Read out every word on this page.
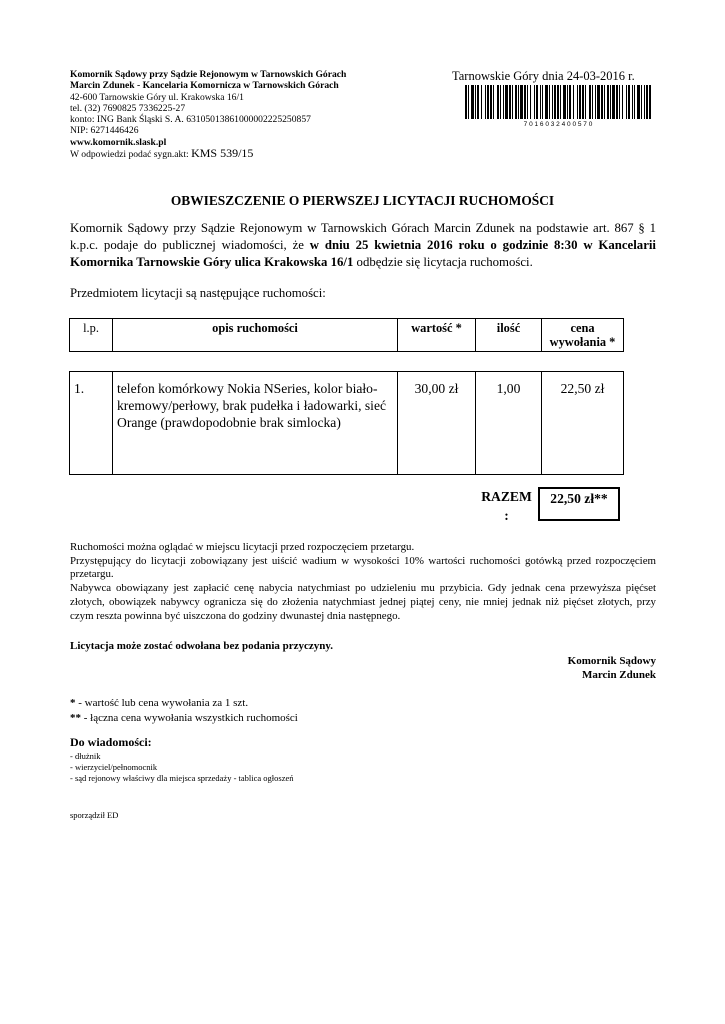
Komornik Sądowy przy Sądzie Rejonowym w Tarnowskich Górach
Marcin Zdunek - Kancelaria Komornicza w Tarnowskich Górach
42-600 Tarnowskie Góry ul. Krakowska 16/1
tel. (32) 7690825 7336225-27
konto: ING Bank Śląski S. A. 63105013861000002225250857
NIP: 6271446426
www.komornik.slask.pl
W odpowiedzi podać sygn.akt: KMS 539/15
Tarnowskie Góry dnia 24-03-2016 r.
7 0 1 6 0 3 2 4 0 0 5 7 0
OBWIESZCZENIE O PIERWSZEJ LICYTACJI RUCHOMOŚCI
Komornik Sądowy przy Sądzie Rejonowym w Tarnowskich Górach Marcin Zdunek na podstawie art. 867 § 1 k.p.c. podaje do publicznej wiadomości, że w dniu 25 kwietnia 2016 roku o godzinie 8:30 w Kancelarii Komornika Tarnowskie Góry ulica Krakowska 16/1 odbędzie się licytacja ruchomości.
Przedmiotem licytacji są następujące ruchomości:
l.p.	opis ruchomości	wartość *	ilość	cena wywołania *

1.	telefon komórkowy Nokia NSeries, kolor biało- kremowy/perłowy, brak pudełka i ładowarki, sieć Orange (prawdopodobnie brak simlocka)	30,00 zł	1,00	22,50 zł
RAZEM :
22,50 zł**

Ruchomości można oglądać w miejscu licytacji przed rozpoczęciem przetargu.

Przystępujący do licytacji zobowiązany jest uiścić wadium w wysokości 10% wartości ruchomości gotówką przed rozpoczęciem przetargu.

Nabywca obowiązany jest zapłacić cenę nabycia natychmiast po udzieleniu mu przybicia. Gdy jednak cena przewyższa pięćset złotych, obowiązek nabywcy ogranicza się do złożenia natychmiast jednej piątej ceny, nie mniej jednak niż pięćset złotych, przy czym reszta powinna być uiszczona do godziny dwunastej dnia następnego.

Licytacja może zostać odwołana bez podania przyczyny.
Komornik Sądowy
Marcin Zdunek
* - wartość lub cena wywołania za 1 szt.
** - łączna cena wywołania wszystkich ruchomości
Do wiadomości:
- dłużnik
- wierzyciel/pełnomocnik
- sąd rejonowy właściwy dla miejsca sprzedaży - tablica ogłoszeń
sporządził ED
